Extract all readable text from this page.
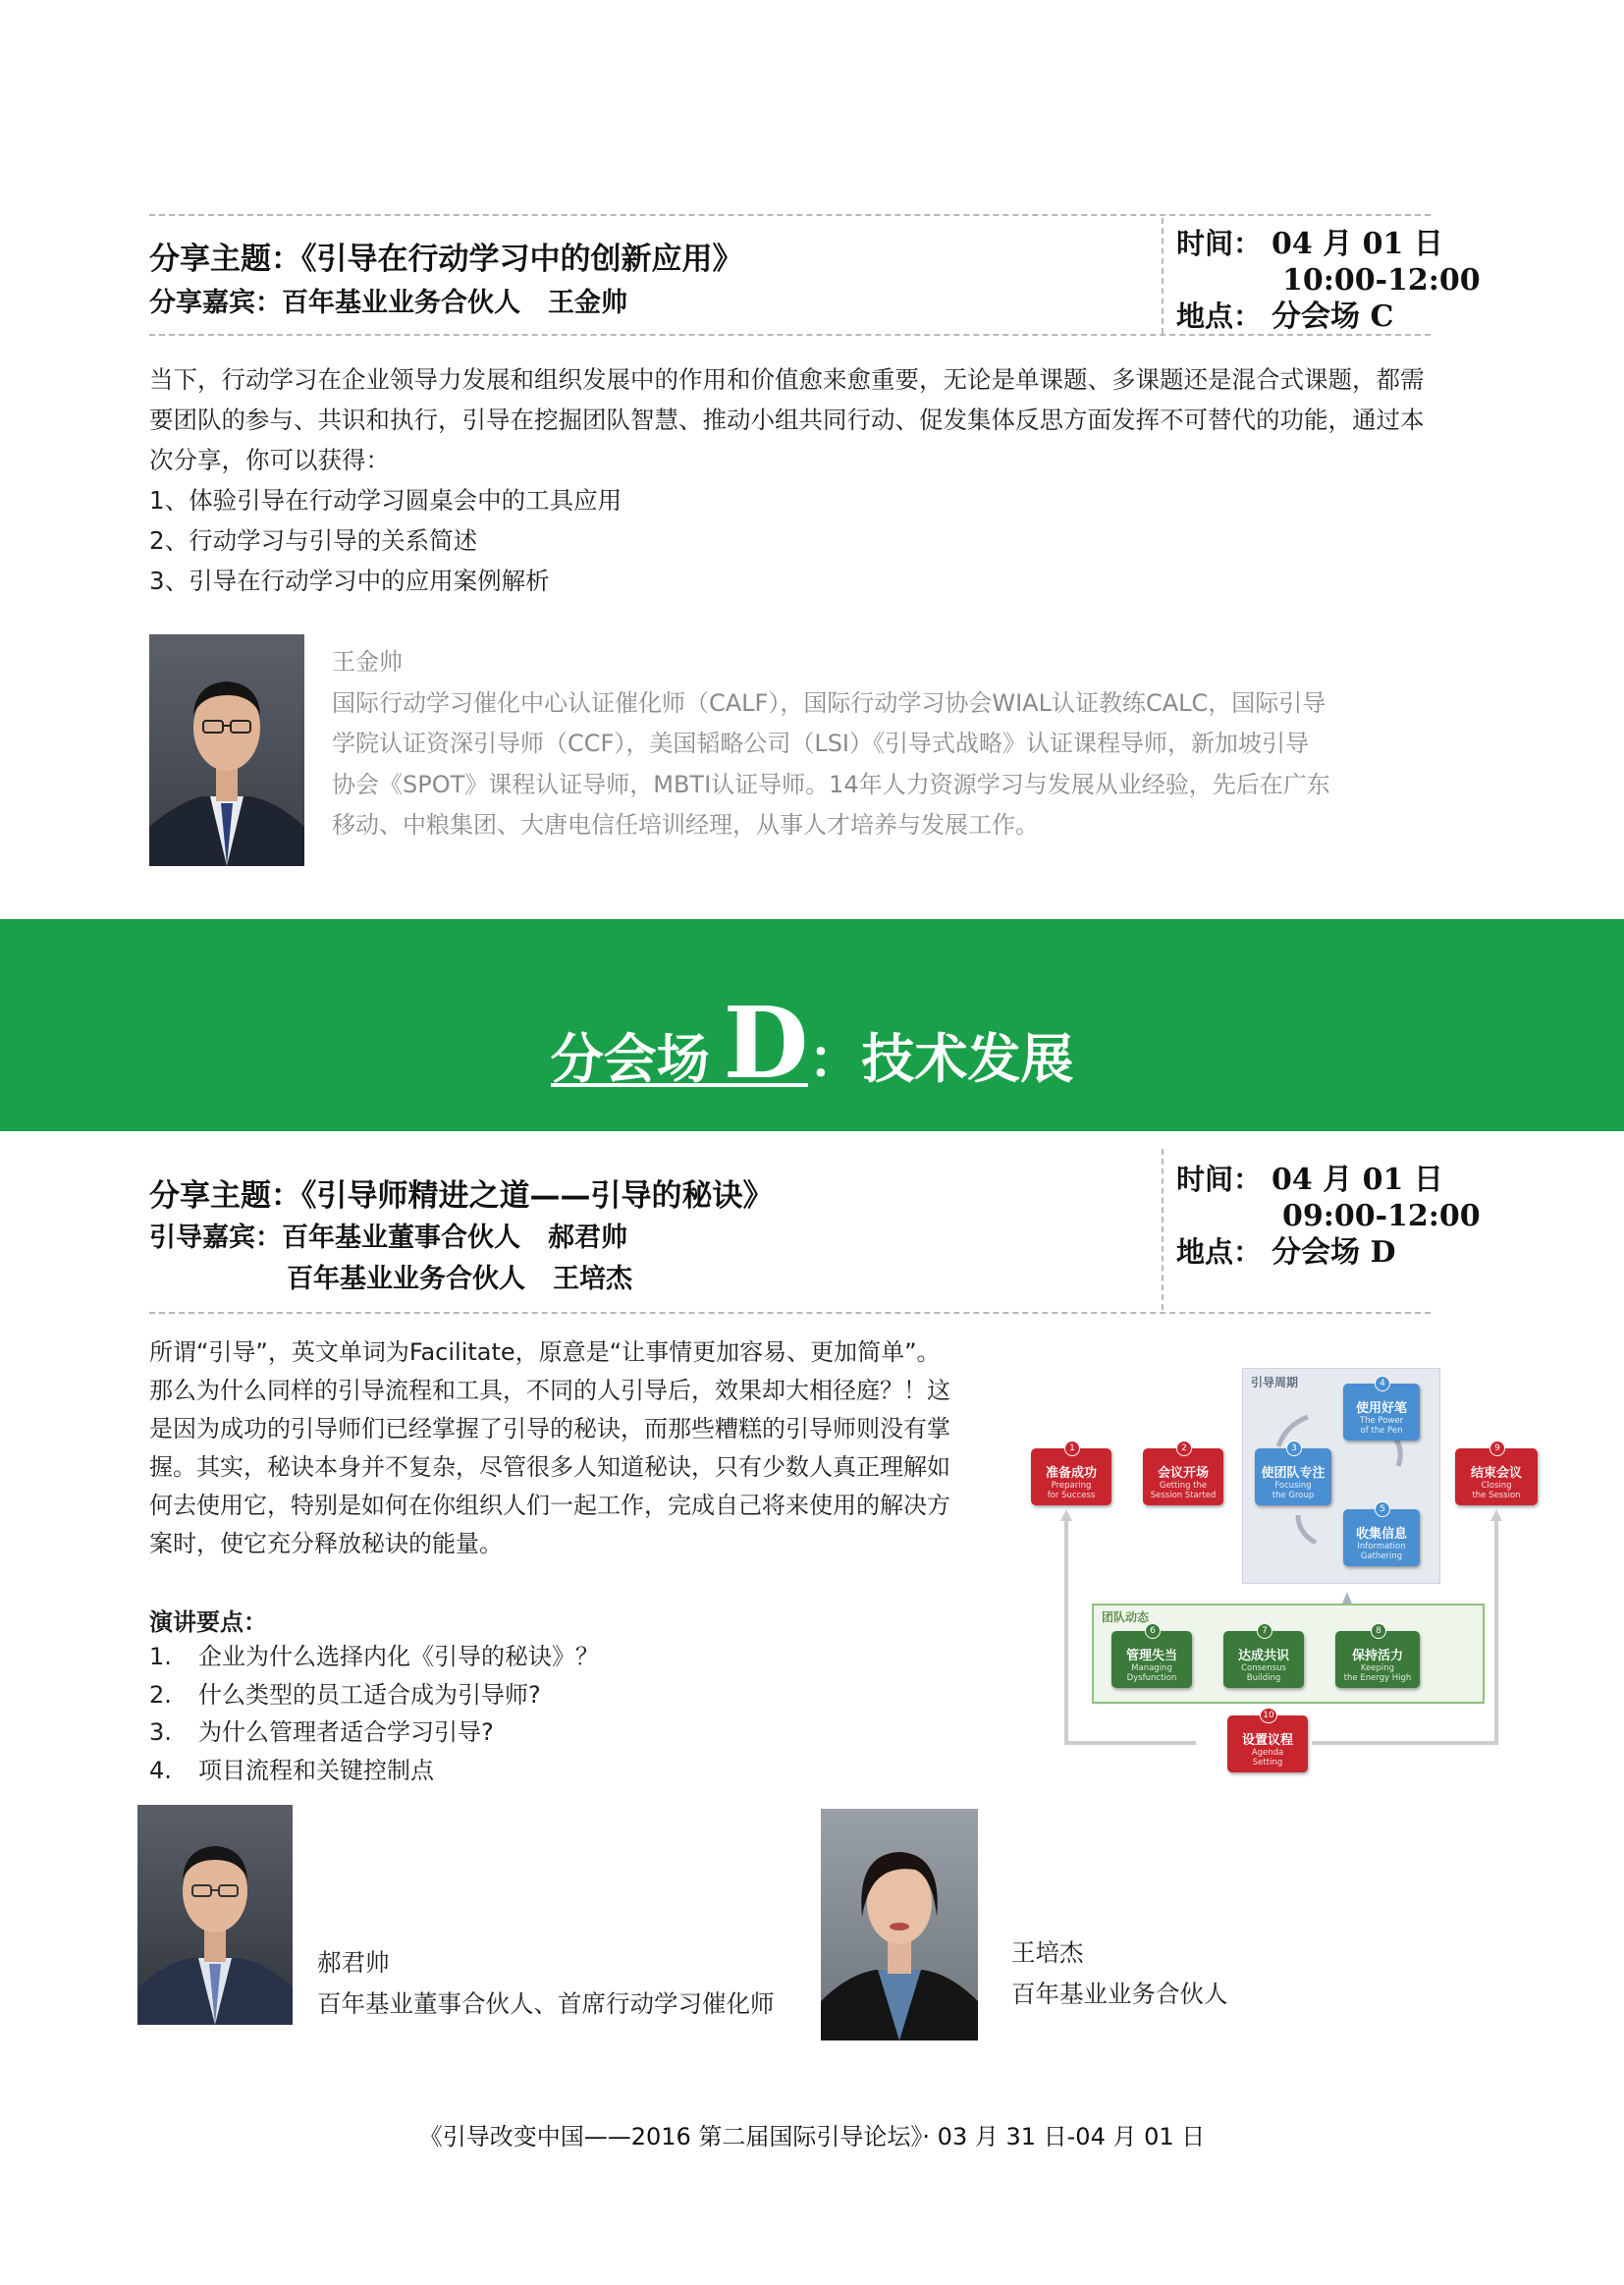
分享主题：《引导在行动学习中的创新应用》
分享嘉宾：百年基业业务合伙人 王金帅
时间： 04 月 01 日
10:00-12:00
地点： 分会场 C
当下，行动学习在企业领导力发展和组织发展中的作用和价值愈来愈重要，无论是单课题、多课题还是混合式课题，都需
要团队的参与、共识和执行，引导在挖掘团队智慧、推动小组共同行动、促发集体反思方面发挥不可替代的功能，通过本
次分享，你可以获得：
1、体验引导在行动学习圆桌会中的工具应用
2、行动学习与引导的关系简述
3、引导在行动学习中的应用案例解析
王金帅
国际行动学习催化中心认证催化师（CALF），国际行动学习协会WIAL认证教练CALC，国际引导
学院认证资深引导师（CCF），美国韬略公司（LSI）《引导式战略》认证课程导师，新加坡引导
协会《SPOT》课程认证导师，MBTI认证导师。14年人力资源学习与发展从业经验，先后在广东
移动、中粮集团、大唐电信任培训经理，从事人才培养与发展工作。
分会场 D：技术发展
分享主题：《引导师精进之道——引导的秘诀》
引导嘉宾：百年基业董事合伙人 郝君帅
百年基业业务合伙人 王培杰
时间： 04 月 01 日
09:00-12:00
地点： 分会场 D
所谓“引导”，英文单词为Facilitate，原意是“让事情更加容易、更加简单”。
那么为什么同样的引导流程和工具，不同的人引导后，效果却大相径庭？！这
是因为成功的引导师们已经掌握了引导的秘诀，而那些糟糕的引导师则没有掌
握。其实，秘诀本身并不复杂，尽管很多人知道秘诀，只有少数人真正理解如
何去使用它，特别是如何在你组织人们一起工作，完成自己将来使用的解决方
案时，使它充分释放秘诀的能量。
演讲要点：
1. 企业为什么选择内化《引导的秘诀》？
2. 什么类型的员工适合成为引导师?
3. 为什么管理者适合学习引导?
4. 项目流程和关键控制点
引导周期
团队动态
1
准备成功
Preparing
for Success
2
会议开场
Getting the
Session Started
3
使团队专注
Focusing
the Group
4
使用好笔
The Power
of the Pen
5
收集信息
Information
Gathering
9
结束会议
Closing
the Session
6
管理失当
Managing
Dysfunction
7
达成共识
Consensus
Building
8
保持活力
Keeping
the Energy High
10
设置议程
Agenda
Setting
郝君帅
百年基业董事合伙人、首席行动学习催化师
王培杰
百年基业业务合伙人
《引导改变中国——2016 第二届国际引导论坛》· 03 月 31 日-04 月 01 日
